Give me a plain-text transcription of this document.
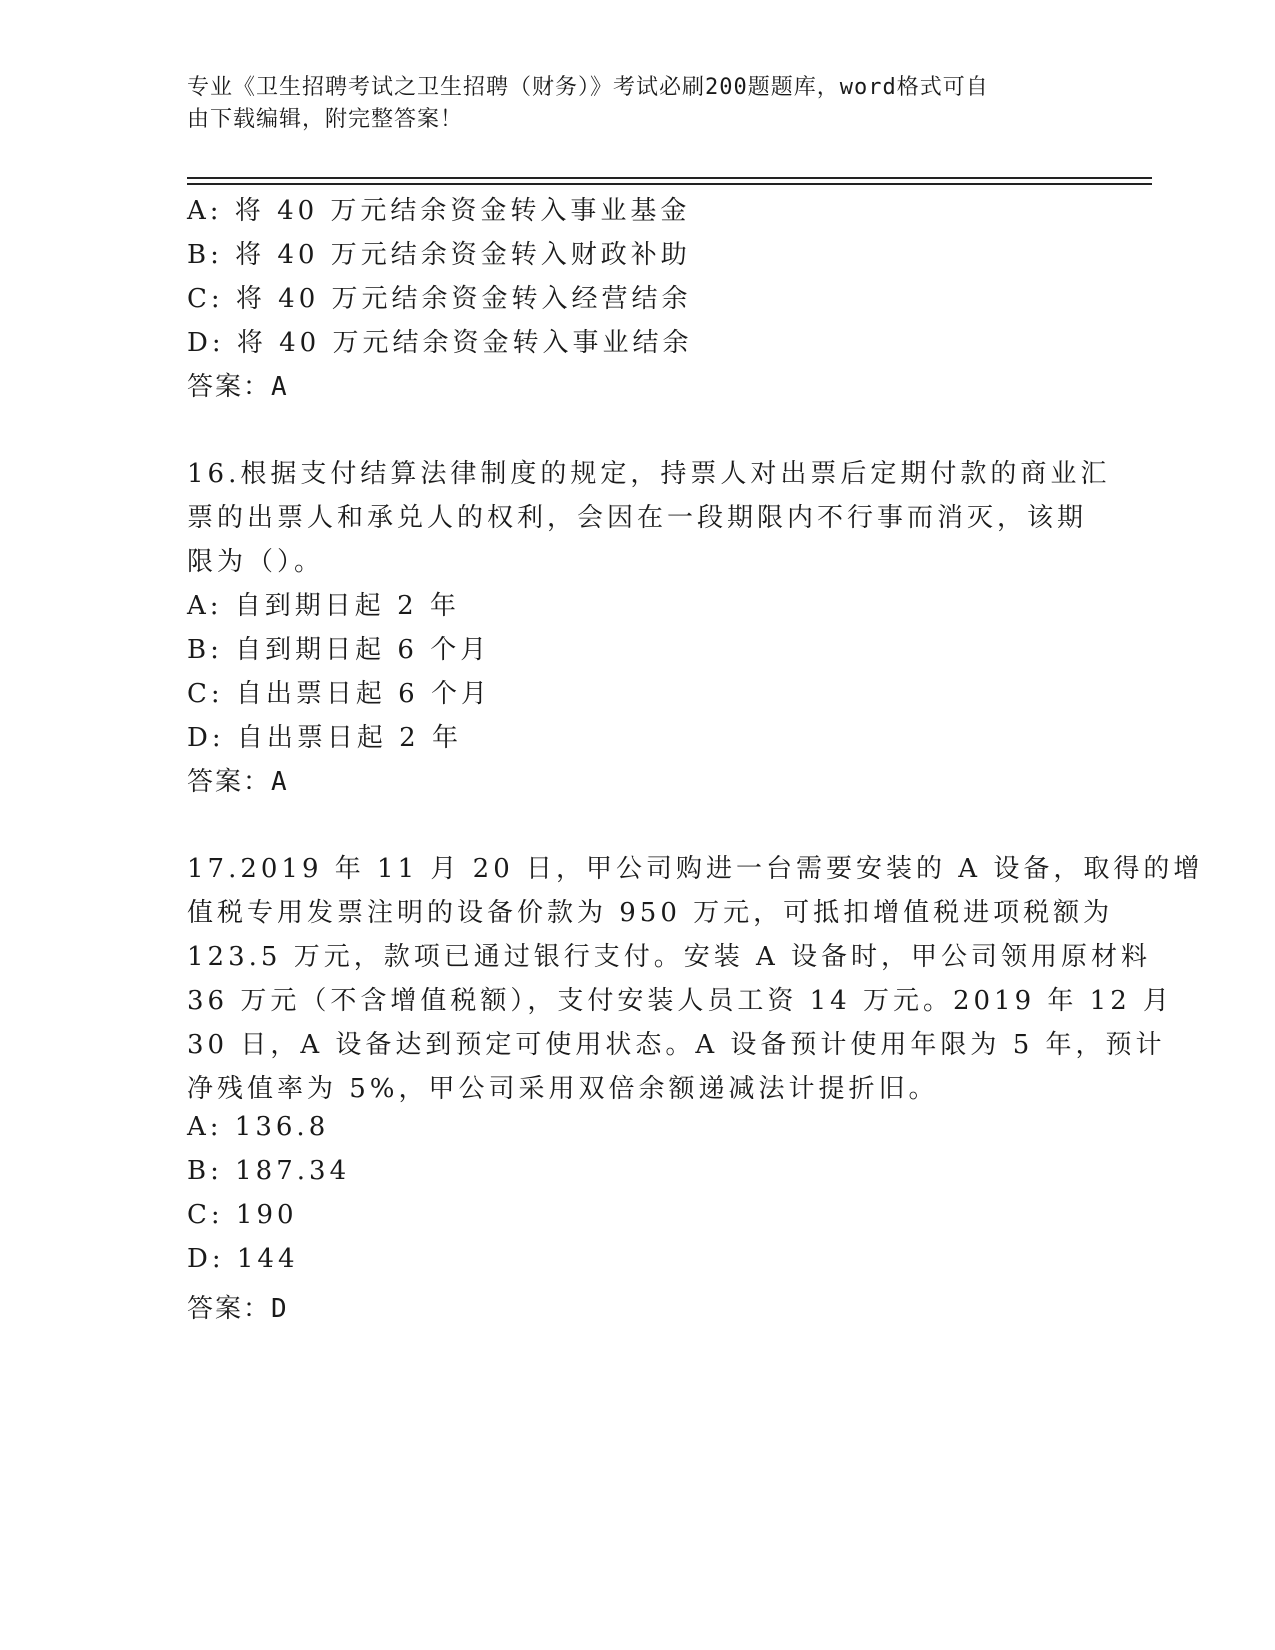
专业《卫生招聘考试之卫生招聘（财务）》考试必刷200题题库，word格式可自
由下载编辑，附完整答案！
A: 将 40 万元结余资金转入事业基金
B: 将 40 万元结余资金转入财政补助
C: 将 40 万元结余资金转入经营结余
D: 将 40 万元结余资金转入事业结余
答案：A
16.根据支付结算法律制度的规定，持票人对出票后定期付款的商业汇
票的出票人和承兑人的权利，会因在一段期限内不行事而消灭，该期
限为（）。
A: 自到期日起 2 年
B: 自到期日起 6 个月
C: 自出票日起 6 个月
D: 自出票日起 2 年
答案：A
17.2019 年 11 月 20 日，甲公司购进一台需要安装的 A 设备，取得的增
值税专用发票注明的设备价款为 950 万元，可抵扣增值税进项税额为
123.5 万元，款项已通过银行支付。安装 A 设备时，甲公司领用原材料
36 万元（不含增值税额），支付安装人员工资 14 万元。2019 年 12 月
30 日，A 设备达到预定可使用状态。A 设备预计使用年限为 5 年，预计
净残值率为 5%，甲公司采用双倍余额递减法计提折旧。
A: 136.8
B: 187.34
C: 190
D: 144
答案：D
